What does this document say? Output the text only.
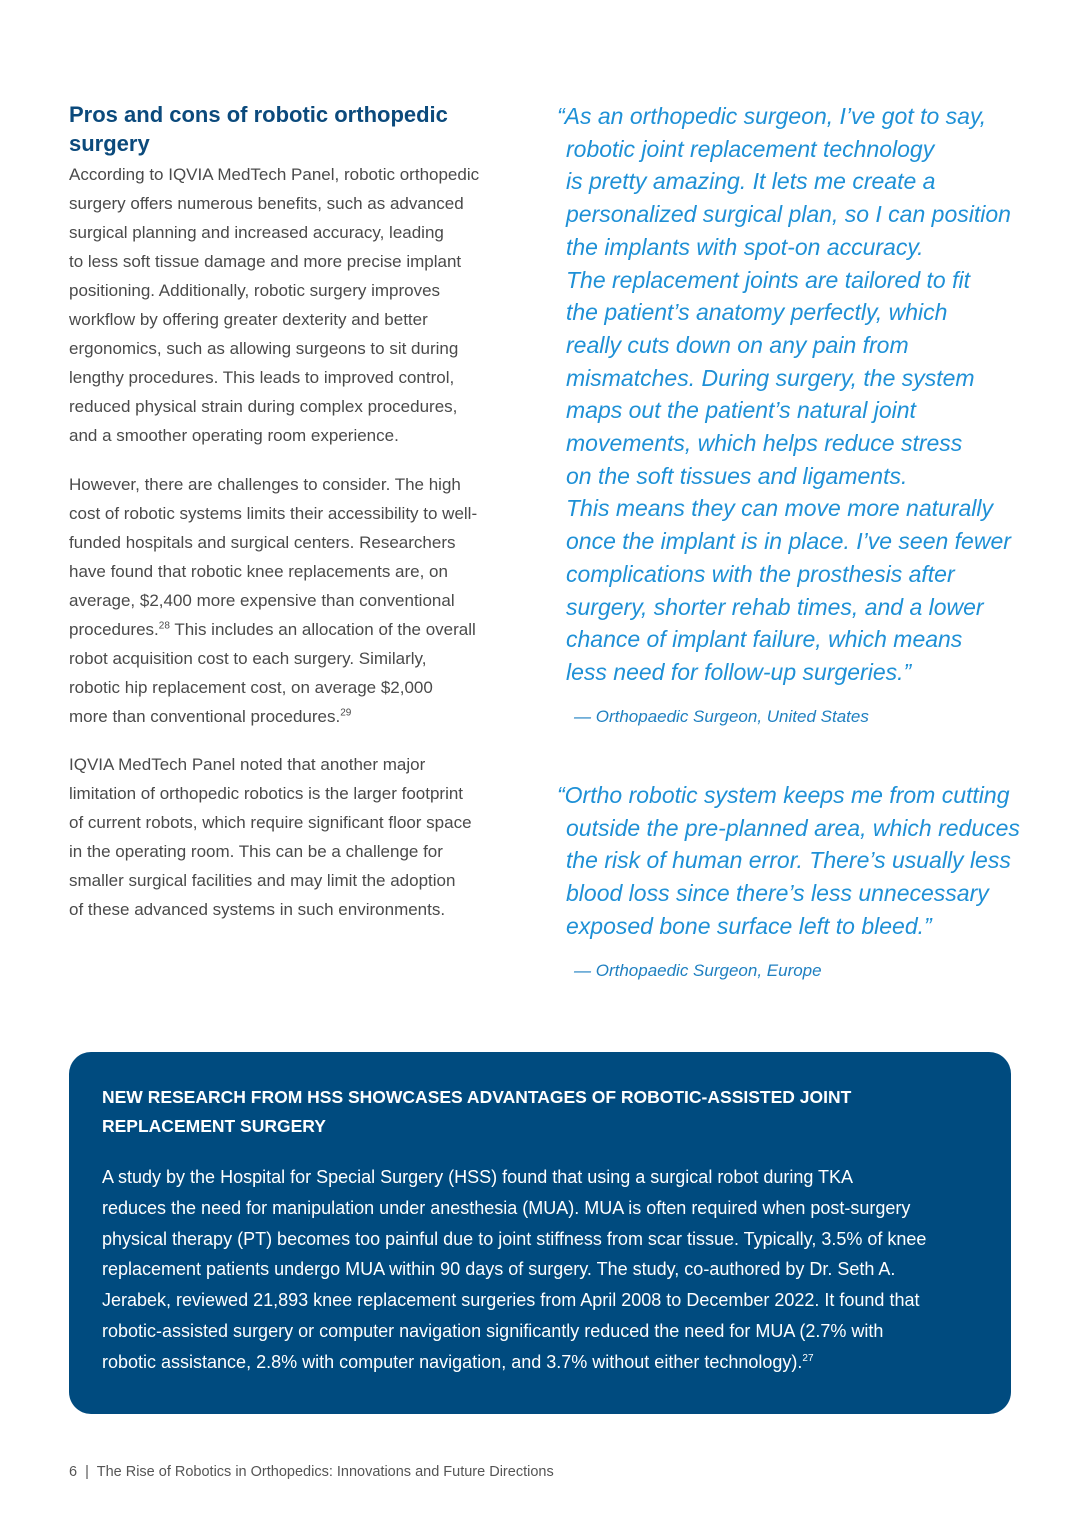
Pros and cons of robotic orthopedic
surgery
According to IQVIA MedTech Panel, robotic orthopedic
surgery offers numerous benefits, such as advanced
surgical planning and increased accuracy, leading
to less soft tissue damage and more precise implant
positioning. Additionally, robotic surgery improves
workflow by offering greater dexterity and better
ergonomics, such as allowing surgeons to sit during
lengthy procedures. This leads to improved control,
reduced physical strain during complex procedures,
and a smoother operating room experience.
However, there are challenges to consider. The high
cost of robotic systems limits their accessibility to well-
funded hospitals and surgical centers. Researchers
have found that robotic knee replacements are, on
average, $2,400 more expensive than conventional
procedures.$^{28}$ This includes an allocation of the overall
robot acquisition cost to each surgery. Similarly,
robotic hip replacement cost, on average $2,000
more than conventional procedures.$^{29}$
IQVIA MedTech Panel noted that another major
limitation of orthopedic robotics is the larger footprint
of current robots, which require significant floor space
in the operating room. This can be a challenge for
smaller surgical facilities and may limit the adoption
of these advanced systems in such environments.
“As an orthopedic surgeon, I’ve got to say,
robotic joint replacement technology
is pretty amazing. It lets me create a
personalized surgical plan, so I can position
the implants with spot-on accuracy.
The replacement joints are tailored to fit
the patient’s anatomy perfectly, which
really cuts down on any pain from
mismatches. During surgery, the system
maps out the patient’s natural joint
movements, which helps reduce stress
on the soft tissues and ligaments.
This means they can move more naturally
once the implant is in place. I’ve seen fewer
complications with the prosthesis after
surgery, shorter rehab times, and a lower
chance of implant failure, which means
less need for follow-up surgeries.”
— Orthopaedic Surgeon, United States
“Ortho robotic system keeps me from cutting
outside the pre-planned area, which reduces
the risk of human error. There’s usually less
blood loss since there’s less unnecessary
exposed bone surface left to bleed.”
— Orthopaedic Surgeon, Europe
NEW RESEARCH FROM HSS SHOWCASES ADVANTAGES OF ROBOTIC-ASSISTED JOINT
REPLACEMENT SURGERY
A study by the Hospital for Special Surgery (HSS) found that using a surgical robot during TKA
reduces the need for manipulation under anesthesia (MUA). MUA is often required when post-surgery
physical therapy (PT) becomes too painful due to joint stiffness from scar tissue. Typically, 3.5% of knee
replacement patients undergo MUA within 90 days of surgery. The study, co-authored by Dr. Seth A.
Jerabek, reviewed 21,893 knee replacement surgeries from April 2008 to December 2022. It found that
robotic-assisted surgery or computer navigation significantly reduced the need for MUA (2.7% with
robotic assistance, 2.8% with computer navigation, and 3.7% without either technology).$^{27}$
6 | The Rise of Robotics in Orthopedics: Innovations and Future Directions
